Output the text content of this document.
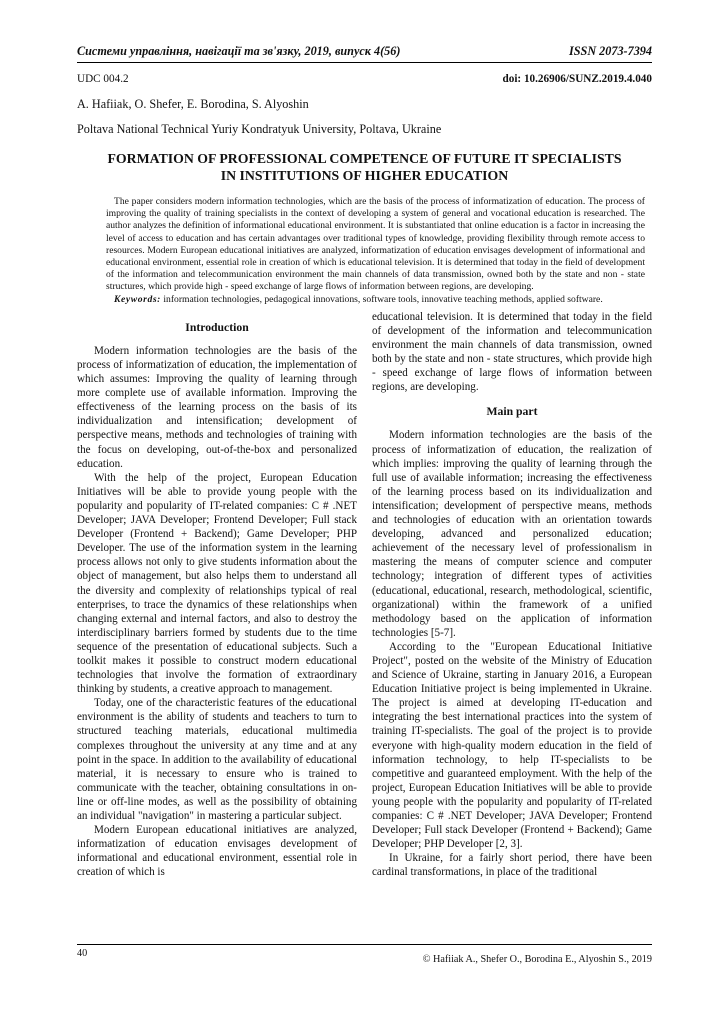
Системи управління, навігації та зв'язку, 2019, випуск 4(56)	ISSN 2073-7394
UDC 004.2	doi: 10.26906/SUNZ.2019.4.040
A. Hafiiak, O. Shefer, E. Borodina, S. Alyoshin
Poltava National Technical Yuriy Kondratyuk University, Poltava, Ukraine
FORMATION OF PROFESSIONAL COMPETENCE OF FUTURE IT SPECIALISTS
IN INSTITUTIONS OF HIGHER EDUCATION

The paper considers modern information technologies, which are the basis of the process of informatization of education. The process of improving the quality of training specialists in the context of developing a system of general and vocational education is researched. The author analyzes the definition of informational educational environment. It is substantiated that online education is a factor in increasing the level of access to education and has certain advantages over traditional types of knowledge, providing flexibility through remote access to resources. Modern European educational initiatives are analyzed, informatization of education envisages development of informational and educational environment, essential role in creation of which is educational television. It is determined that today in the field of development of the information and telecommunication environment the main channels of data transmission, owned both by the state and non - state structures, which provide high - speed exchange of large flows of information between regions, are developing.

Keywords: information technologies, pedagogical innovations, software tools, innovative teaching methods, applied software.

Introduction

Modern information technologies are the basis of the process of informatization of education, the implementation of which assumes: Improving the quality of learning through more complete use of available information. Improving the effectiveness of the learning process on the basis of its individualization and intensification; development of perspective means, methods and technologies of training with the focus on developing, out-of-the-box and personalized education.

With the help of the project, European Education Initiatives will be able to provide young people with the popularity and popularity of IT-related companies: C # .NET Developer; JAVA Developer; Frontend Developer; Full stack Developer (Frontend + Backend); Game Developer; PHP Developer. The use of the information system in the learning process allows not only to give students information about the object of management, but also helps them to understand all the diversity and complexity of relationships typical of real enterprises, to trace the dynamics of these relationships when changing external and internal factors, and also to destroy the interdisciplinary barriers formed by students due to the time sequence of the presentation of educational subjects. Such a toolkit makes it possible to construct modern educational technologies that involve the formation of extraordinary thinking by students, a creative approach to management.

Today, one of the characteristic features of the educational environment is the ability of students and teachers to turn to structured teaching materials, educational multimedia complexes throughout the university at any time and at any point in the space. In addition to the availability of educational material, it is necessary to ensure who is trained to communicate with the teacher, obtaining consultations in on-line or off-line modes, as well as the possibility of obtaining an individual "navigation" in mastering a particular subject.

Modern European educational initiatives are analyzed, informatization of education envisages development of informational and educational environment, essential role in creation of which is

educational television. It is determined that today in the field of development of the information and telecommunication environment the main channels of data transmission, owned both by the state and non - state structures, which provide high - speed exchange of large flows of information between regions, are developing.

Main part

Modern information technologies are the basis of the process of informatization of education, the realization of which implies: improving the quality of learning through the full use of available information; increasing the effectiveness of the learning process based on its individualization and intensification; development of perspective means, methods and technologies of education with an orientation towards developing, advanced and personalized education; achievement of the necessary level of professionalism in mastering the means of computer science and computer technology; integration of different types of activities (educational, educational, research, methodological, scientific, organizational) within the framework of a unified methodology based on the application of information technologies [5-7].

According to the "European Educational Initiative Project", posted on the website of the Ministry of Education and Science of Ukraine, starting in January 2016, a European Education Initiative project is being implemented in Ukraine. The project is aimed at developing IT-education and integrating the best international practices into the system of training IT-specialists. The goal of the project is to provide everyone with high-quality modern education in the field of information technology, to help IT-specialists to be competitive and guaranteed employment. With the help of the project, European Education Initiatives will be able to provide young people with the popularity and popularity of IT-related companies: C # .NET Developer; JAVA Developer; Frontend Developer; Full stack Developer (Frontend + Backend); Game Developer; PHP Developer [2, 3].

In Ukraine, for a fairly short period, there have been cardinal transformations, in place of the traditional

40
© Hafiiak A., Shefer O., Borodina E., Alyoshin S., 2019
